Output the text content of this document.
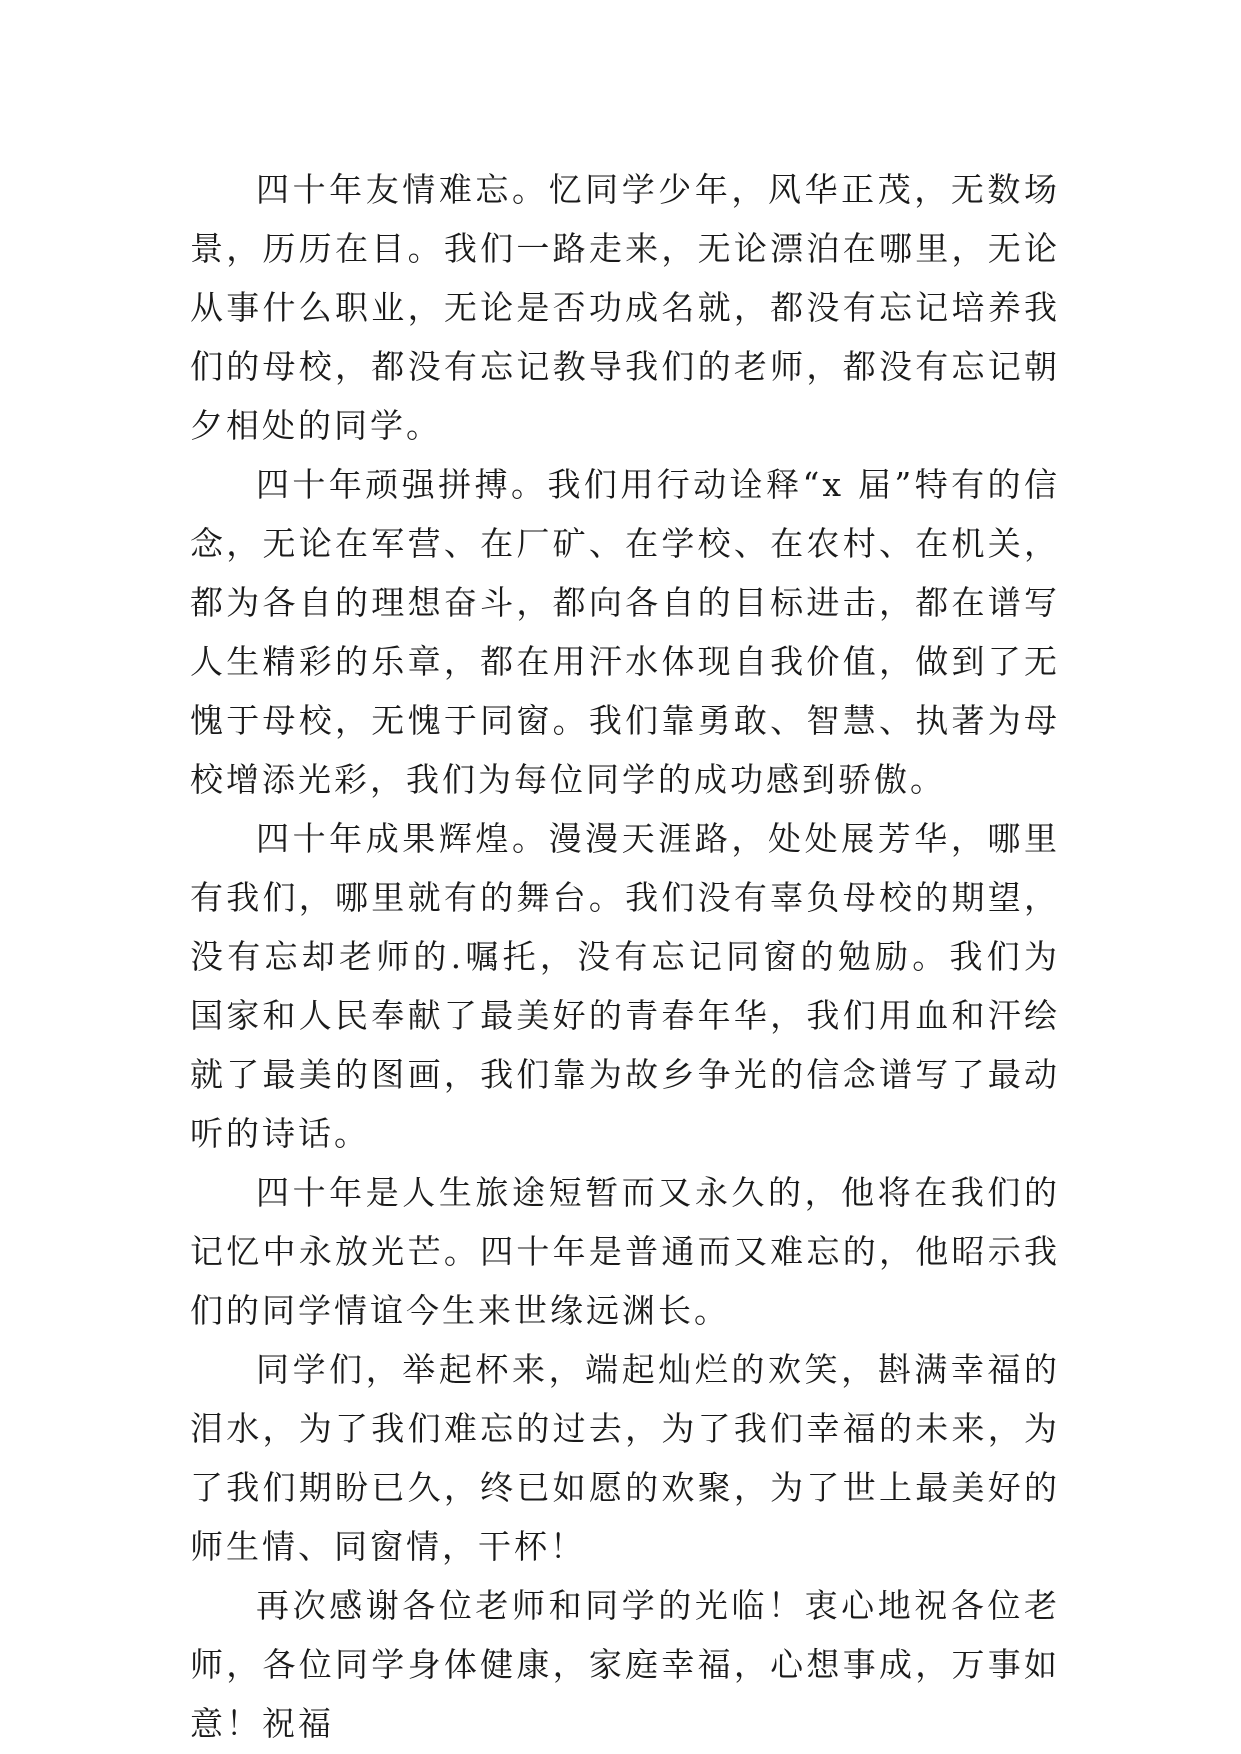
四十年友情难忘。忆同学少年，风华正茂，无数场景，历历在目。我们一路走来，无论漂泊在哪里，无论从事什么职业，无论是否功成名就，都没有忘记培养我们的母校，都没有忘记教导我们的老师，都没有忘记朝夕相处的同学。

四十年顽强拼搏。我们用行动诠释“x 届”特有的信念，无论在军营、在厂矿、在学校、在农村、在机关，都为各自的理想奋斗，都向各自的目标进击，都在谱写人生精彩的乐章，都在用汗水体现自我价值，做到了无愧于母校，无愧于同窗。我们靠勇敢、智慧、执著为母校增添光彩，我们为每位同学的成功感到骄傲。

四十年成果辉煌。漫漫天涯路，处处展芳华，哪里有我们，哪里就有的舞台。我们没有辜负母校的期望，没有忘却老师的.嘱托，没有忘记同窗的勉励。我们为国家和人民奉献了最美好的青春年华，我们用血和汗绘就了最美的图画，我们靠为故乡争光的信念谱写了最动听的诗话。

四十年是人生旅途短暂而又永久的，他将在我们的记忆中永放光芒。四十年是普通而又难忘的，他昭示我们的同学情谊今生来世缘远渊长。

同学们，举起杯来，端起灿烂的欢笑，斟满幸福的泪水，为了我们难忘的过去，为了我们幸福的未来，为了我们期盼已久，终已如愿的欢聚，为了世上最美好的师生情、同窗情，干杯！

再次感谢各位老师和同学的光临！衷心地祝各位老师，各位同学身体健康，家庭幸福，心想事成，万事如意！祝福
